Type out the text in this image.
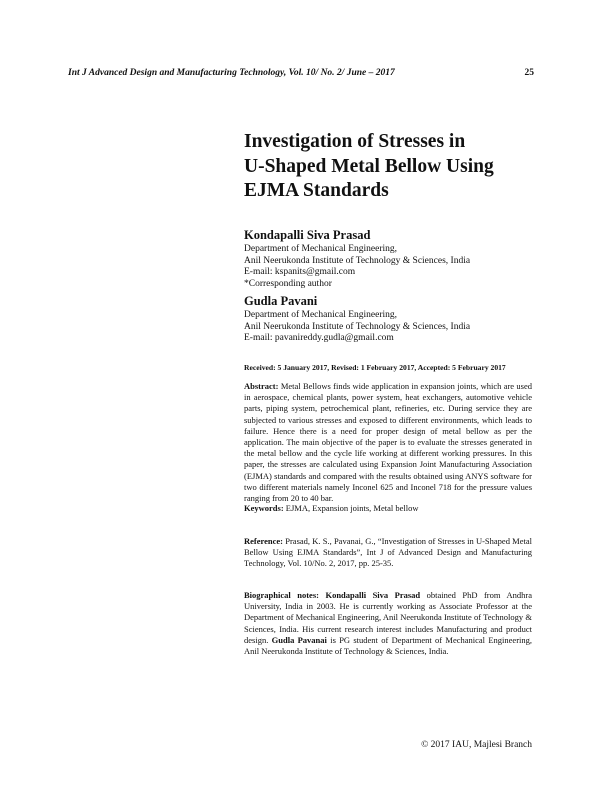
Int J Advanced Design and Manufacturing Technology, Vol. 10/ No. 2/ June – 2017	25
Investigation of Stresses in
U-Shaped Metal Bellow Using
EJMA Standards
Kondapalli Siva Prasad
Department of Mechanical Engineering,
Anil Neerukonda Institute of Technology & Sciences, India
E-mail: kspanits@gmail.com
*Corresponding author
Gudla Pavani
Department of Mechanical Engineering,
Anil Neerukonda Institute of Technology & Sciences, India
E-mail: pavanireddy.gudla@gmail.com
Received: 5 January 2017, Revised: 1 February 2017, Accepted: 5 February 2017
Abstract: Metal Bellows finds wide application in expansion joints, which are used in aerospace, chemical plants, power system, heat exchangers, automotive vehicle parts, piping system, petrochemical plant, refineries, etc. During service they are subjected to various stresses and exposed to different environments, which leads to failure. Hence there is a need for proper design of metal bellow as per the application. The main objective of the paper is to evaluate the stresses generated in the metal bellow and the cycle life working at different working pressures. In this paper, the stresses are calculated using Expansion Joint Manufacturing Association (EJMA) standards and compared with the results obtained using ANYS software for two different materials namely Inconel 625 and Inconel 718 for the pressure values ranging from 20 to 40 bar.
Keywords: EJMA, Expansion joints, Metal bellow
Reference: Prasad, K. S., Pavanai, G., “Investigation of Stresses in U-Shaped Metal Bellow Using EJMA Standards”, Int J of Advanced Design and Manufacturing Technology, Vol. 10/No. 2, 2017, pp. 25-35.
Biographical notes: Kondapalli Siva Prasad obtained PhD from Andhra University, India in 2003. He is currently working as Associate Professor at the Department of Mechanical Engineering, Anil Neerukonda Institute of Technology & Sciences, India. His current research interest includes Manufacturing and product design. Gudla Pavanai is PG student of Department of Mechanical Engineering, Anil Neerukonda Institute of Technology & Sciences, India.
© 2017 IAU, Majlesi Branch
